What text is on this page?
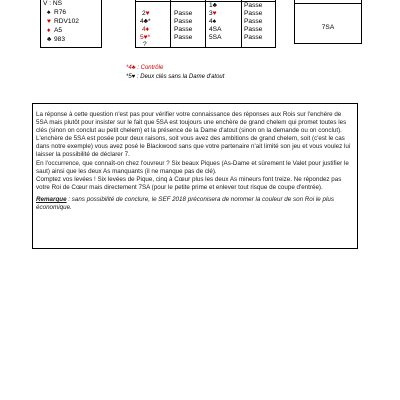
V : NS
♠ R76
♥ RDV102
♦ A5
♣ 983
1♣	Passe
2♥	Passe	3♥	Passe
4♣*	Passe	4♠	Passe
4♦	Passe	4SA	Passe
5♥*	Passe	5SA	Passe
?
7SA
*4♣ : Contrôle
*5♥ : Deux clés sans la Dame d'atout

La réponse à cette question n'est pas pour vérifier votre connaissance des réponses aux Rois sur l'enchère de 5SA mais plutôt pour insister sur le fait que 5SA est toujours une enchère de grand chelem qui promet toutes les clés (sinon on conclut au petit chelem) et la présence de la Dame d'atout (sinon on la demande ou on conclut). L'enchère de 5SA est posée pour deux raisons, soit vous avez des ambitions de grand chelem, soit (c'est le cas dans notre exemple) vous avez posé le Blackwood sans que votre partenaire n'ait limité son jeu et vous voulez lui laisser la possibilité de déclarer 7.

En l'occurrence, que connaît-on chez l'ouvreur ? Six beaux Piques (As-Dame et sûrement le Valet pour justifier le saut) ainsi que les deux As manquants (il ne manque pas de clé).

Comptez vos levées ! Six levées de Pique, cinq à Cœur plus les deux As mineurs font treize. Ne répondez pas votre Roi de Cœur mais directement 7SA (pour le petite prime et enlever tout risque de coupe d'entrée).

Remarque : sans possibilité de conclure, le SEF 2018 préconisera de nommer la couleur de son Roi le plus économique.
